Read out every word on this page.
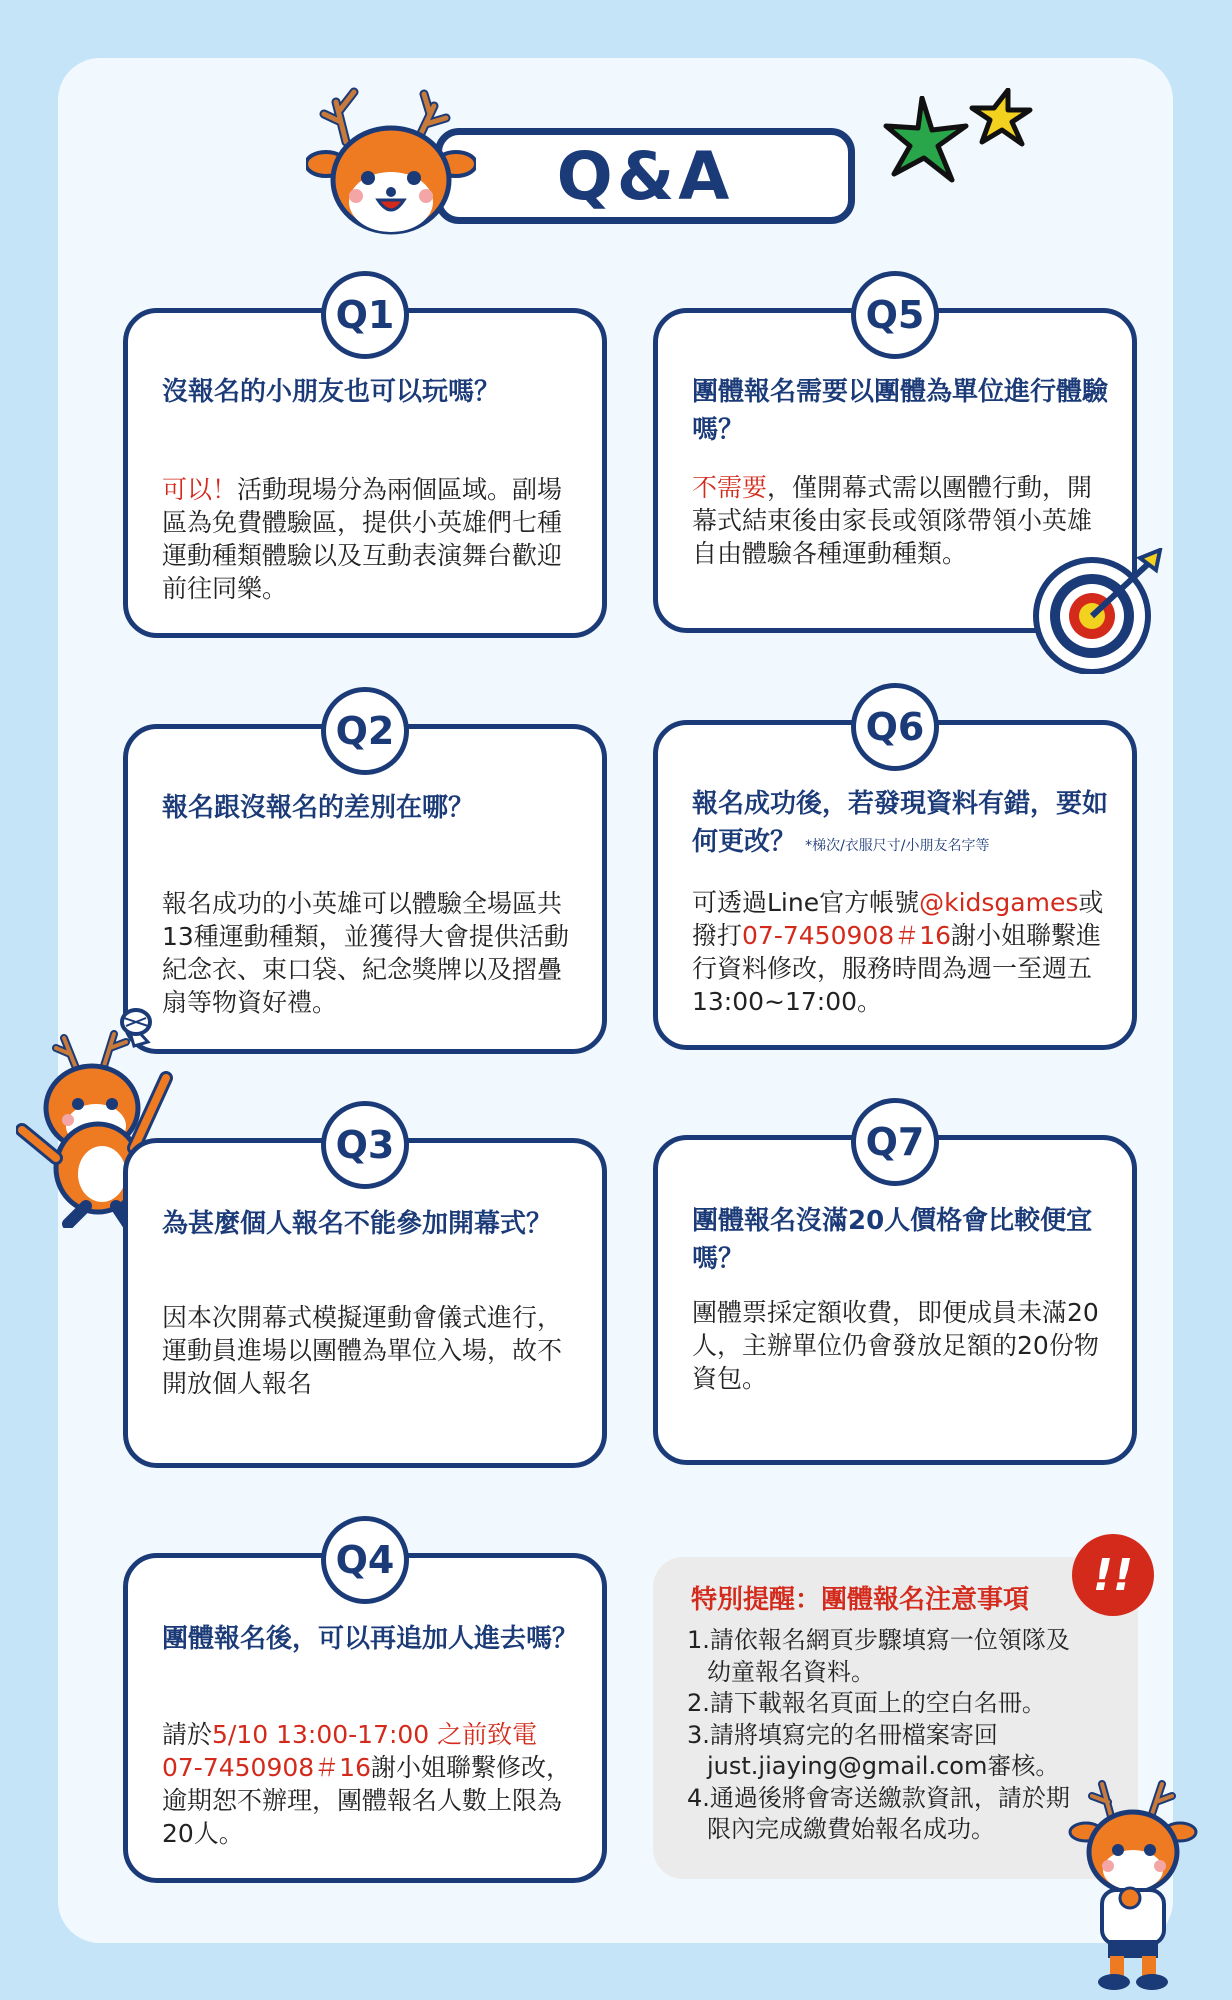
Q&A
Q1
沒報名的小朋友也可以玩嗎？
可以！活動現場分為兩個區域。副場區為免費體驗區，提供小英雄們七種運動種類體驗以及互動表演舞台歡迎前往同樂。
Q5
團體報名需要以團體為單位進行體驗嗎？
不需要，僅開幕式需以團體行動，開幕式結束後由家長或領隊帶領小英雄自由體驗各種運動種類。
Q2
報名跟沒報名的差別在哪？
報名成功的小英雄可以體驗全場區共13種運動種類，並獲得大會提供活動紀念衣、束口袋、紀念獎牌以及摺疊扇等物資好禮。
Q6
報名成功後，若發現資料有錯，要如何更改？ *梯次/衣服尺寸/小朋友名字等
可透過Line官方帳號@kidsgames或撥打07-7450908＃16謝小姐聯繫進行資料修改，服務時間為週一至週五13:00~17:00。
Q3
為甚麼個人報名不能參加開幕式？
因本次開幕式模擬運動會儀式進行，運動員進場以團體為單位入場，故不開放個人報名
Q7
團體報名沒滿20人價格會比較便宜嗎？
團體票採定額收費，即便成員未滿20人，主辦單位仍會發放足額的20份物資包。
Q4
團體報名後，可以再追加人進去嗎？
請於5/10 13:00-17:00 之前致電 07-7450908＃16謝小姐聯繫修改，逾期恕不辦理，團體報名人數上限為20人。
特別提醒：團體報名注意事項
1.請依報名網頁步驟填寫一位領隊及幼童報名資料。
2.請下載報名頁面上的空白名冊。
3.請將填寫完的名冊檔案寄回just.jiaying@gmail.com審核。
4.通過後將會寄送繳款資訊，請於期限內完成繳費始報名成功。
!!
